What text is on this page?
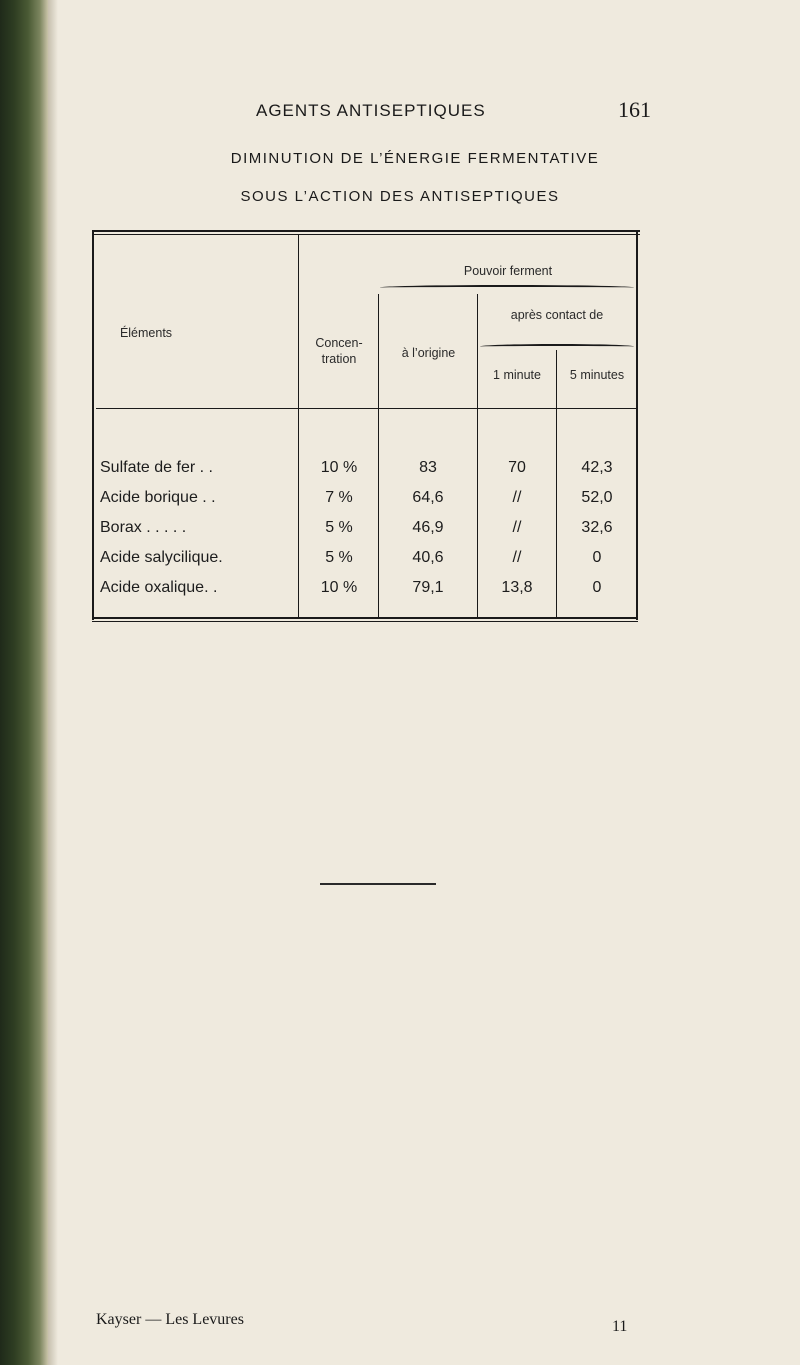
AGENTS ANTISEPTIQUES	161
DIMINUTION DE L’ÉNERGIE FERMENTATIVE
SOUS L’ACTION DES ANTISEPTIQUES
Éléments
Concen-
tration
Pouvoir ferment
à l’origine
après contact de
1 minute	5 minutes
Sulfate de fer . .	10 %	83	70	42,3
Acide borique . .	7 %	64,6	//	52,0
Borax . . . . .	5 %	46,9	//	32,6
Acide salycilique.	5 %	40,6	//	0
Acide oxalique. .	10 %	79,1	13,8	0
Kayser — Les Levures	11
